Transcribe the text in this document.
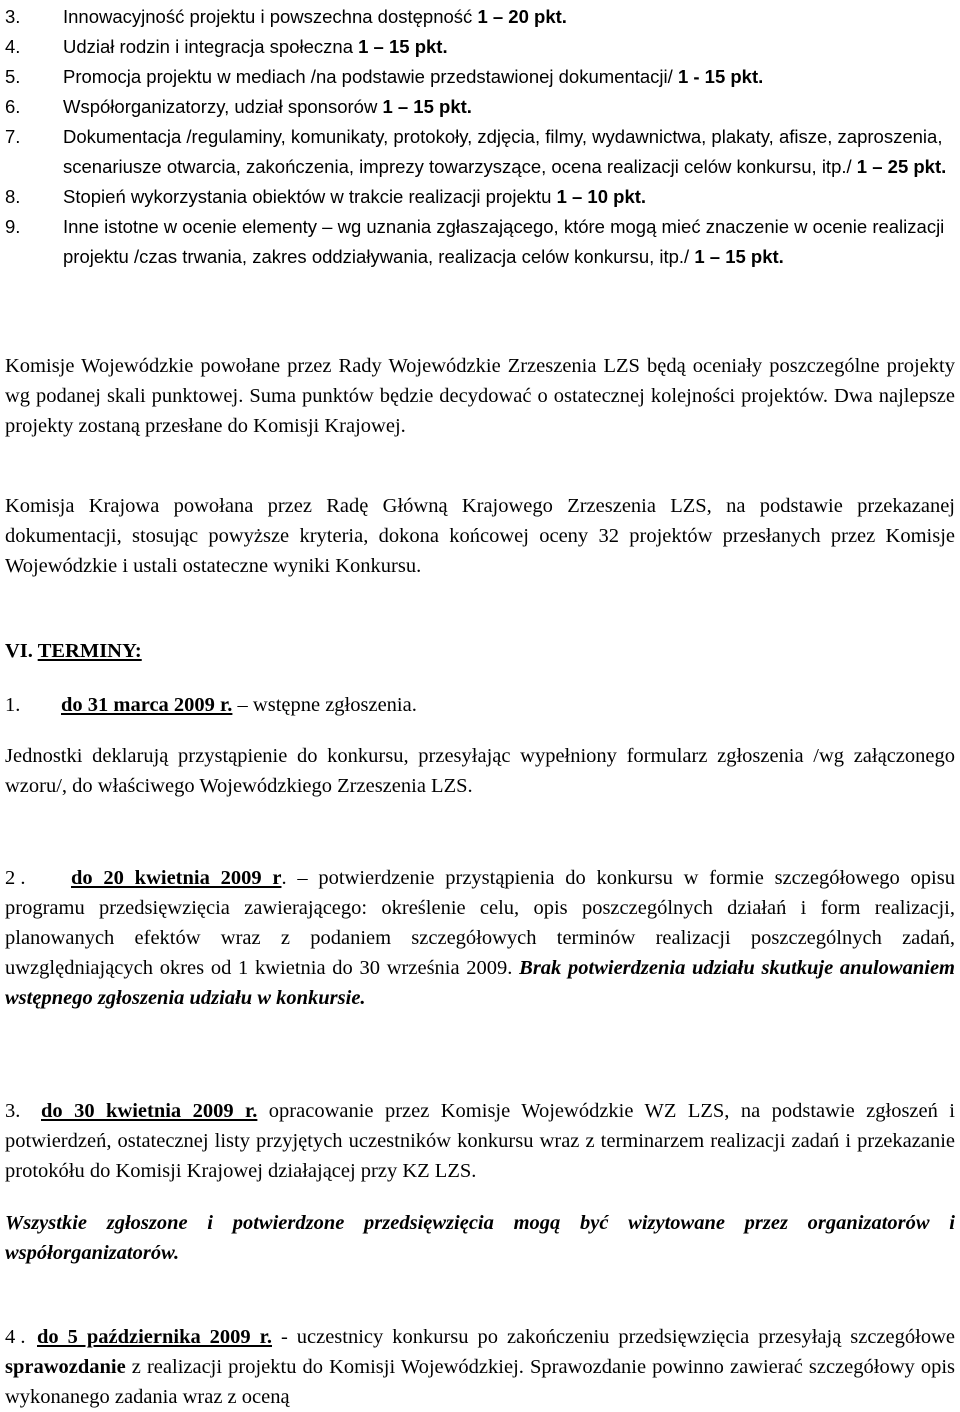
3.	Innowacyjność projektu i powszechna dostępność 1 – 20 pkt.
4.	Udział rodzin i integracja społeczna 1 – 15 pkt.
5.	Promocja projektu w mediach /na podstawie przedstawionej dokumentacji/ 1 - 15 pkt.
6.	Współorganizatorzy, udział sponsorów 1 – 15 pkt.
7.	Dokumentacja /regulaminy, komunikaty, protokoły, zdjęcia, filmy, wydawnictwa, plakaty, afisze, zaproszenia, scenariusze otwarcia, zakończenia, imprezy towarzyszące, ocena realizacji celów konkursu, itp./ 1 – 25 pkt.
8.	Stopień wykorzystania obiektów w trakcie realizacji projektu 1 – 10 pkt.
9.	Inne istotne w ocenie elementy – wg uznania zgłaszającego, które mogą mieć znaczenie w ocenie realizacji projektu /czas trwania, zakres oddziaływania, realizacja celów konkursu, itp./ 1 – 15 pkt.
Komisje Wojewódzkie powołane przez Rady Wojewódzkie Zrzeszenia LZS będą oceniały poszczególne projekty wg podanej skali punktowej. Suma punktów będzie decydować o ostatecznej kolejności projektów. Dwa najlepsze projekty zostaną przesłane do Komisji Krajowej.
Komisja Krajowa powołana przez Radę Główną Krajowego Zrzeszenia LZS, na podstawie przekazanej dokumentacji, stosując powyższe kryteria, dokona końcowej oceny 32 projektów przesłanych przez Komisje Wojewódzkie i ustali ostateczne wyniki Konkursu.
VI. TERMINY:
1. do 31 marca 2009 r. – wstępne zgłoszenia.
Jednostki deklarują przystąpienie do konkursu, przesyłając wypełniony formularz zgłoszenia /wg załączonego wzoru/, do właściwego Wojewódzkiego Zrzeszenia LZS.
2 . do 20 kwietnia 2009 r. – potwierdzenie przystąpienia do konkursu w formie szczegółowego opisu programu przedsięwzięcia zawierającego: określenie celu, opis poszczególnych działań i form realizacji, planowanych efektów wraz z podaniem szczegółowych terminów realizacji poszczególnych zadań, uwzględniających okres od 1 kwietnia do 30 września 2009. Brak potwierdzenia udziału skutkuje anulowaniem wstępnego zgłoszenia udziału w konkursie.
3. do 30 kwietnia 2009 r. opracowanie przez Komisje Wojewódzkie WZ LZS, na podstawie zgłoszeń i potwierdzeń, ostatecznej listy przyjętych uczestników konkursu wraz z terminarzem realizacji zadań i przekazanie protokółu do Komisji Krajowej działającej przy KZ LZS.
Wszystkie zgłoszone i potwierdzone przedsięwzięcia mogą być wizytowane przez organizatorów i współorganizatorów.
4 . do 5 października 2009 r. - uczestnicy konkursu po zakończeniu przedsięwzięcia przesyłają szczegółowe sprawozdanie z realizacji projektu do Komisji Wojewódzkiej. Sprawozdanie powinno zawierać szczegółowy opis wykonanego zadania wraz z oceną
